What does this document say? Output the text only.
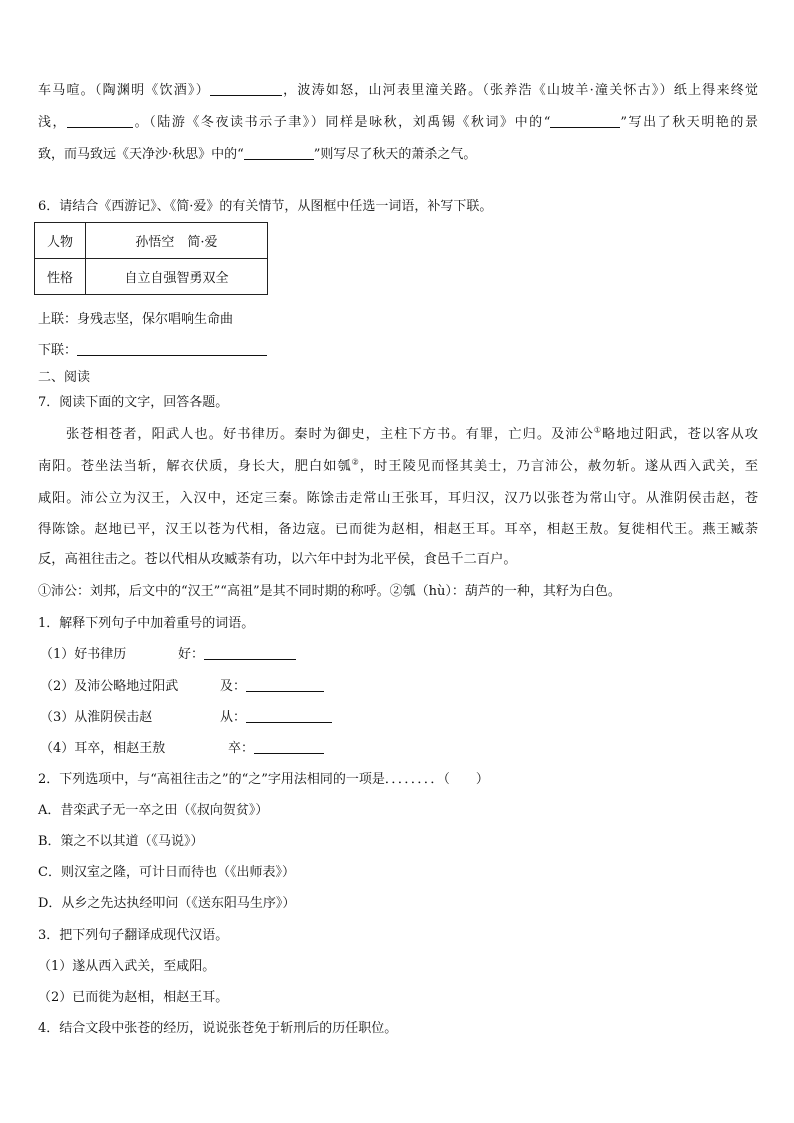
车马喧。（陶渊明《饮酒》）	，波涛如怒，山河表里潼关路。（张养浩《山坡羊·潼关怀古》）纸上得来终觉
浅，	。（陆游《冬夜读书示子聿》）同样是咏秋，刘禹锡《秋词》中的“	”写出了秋天明艳的景
致，而马致远《天净沙·秋思》中的“	”则写尽了秋天的萧杀之气。
6．请结合《西游记》、《简·爱》的有关情节，从图框中任选一词语，补写下联。
人物	孙悟空　简·爱
性格	自立自强智勇双全
上联：身残志坚，保尔唱响生命曲
下联：
二、阅读
7．阅读下面的文字，回答各题。
张苍相苍者，阳武人也。好书律历。秦时为御史，主柱下方书。有罪，亡归。及沛公①略地过阳武，苍以客从攻
南阳。苍坐法当斩，解衣伏质，身长大，肥白如瓠②，时王陵见而怪其美士，乃言沛公，赦勿斩。遂从西入武关，至
咸阳。沛公立为汉王，入汉中，还定三秦。陈馀击走常山王张耳，耳归汉，汉乃以张苍为常山守。从淮阴侯击赵，苍
得陈馀。赵地已平，汉王以苍为代相，备边寇。已而徙为赵相，相赵王耳。耳卒，相赵王敖。复徙相代王。燕王臧荼
反，高祖往击之。苍以代相从攻臧荼有功，以六年中封为北平侯，食邑千二百户。
①沛公：刘邦，后文中的“汉王”“高祖”是其不同时期的称呼。②瓠（hù）：葫芦的一种，其籽为白色。
1．解释下列句子中加着重号的词语。
（1）好书律历	好：
（2）及沛公略地过阳武	及：
（3）从淮阴侯击赵	从：
（4）耳卒，相赵王敖	卒：
2．下列选项中，与“高祖往击之”的“之”字用法相同的一项是．．．．．．．．（　　）
A．昔栾武子无一卒之田（《叔向贺贫》）
B．策之不以其道（《马说》）
C．则汉室之隆，可计日而待也（《出师表》）
D．从乡之先达执经叩问（《送东阳马生序》）
3．把下列句子翻译成现代汉语。
（1）遂从西入武关，至咸阳。
（2）已而徙为赵相，相赵王耳。
4．结合文段中张苍的经历，说说张苍免于斩刑后的历任职位。
